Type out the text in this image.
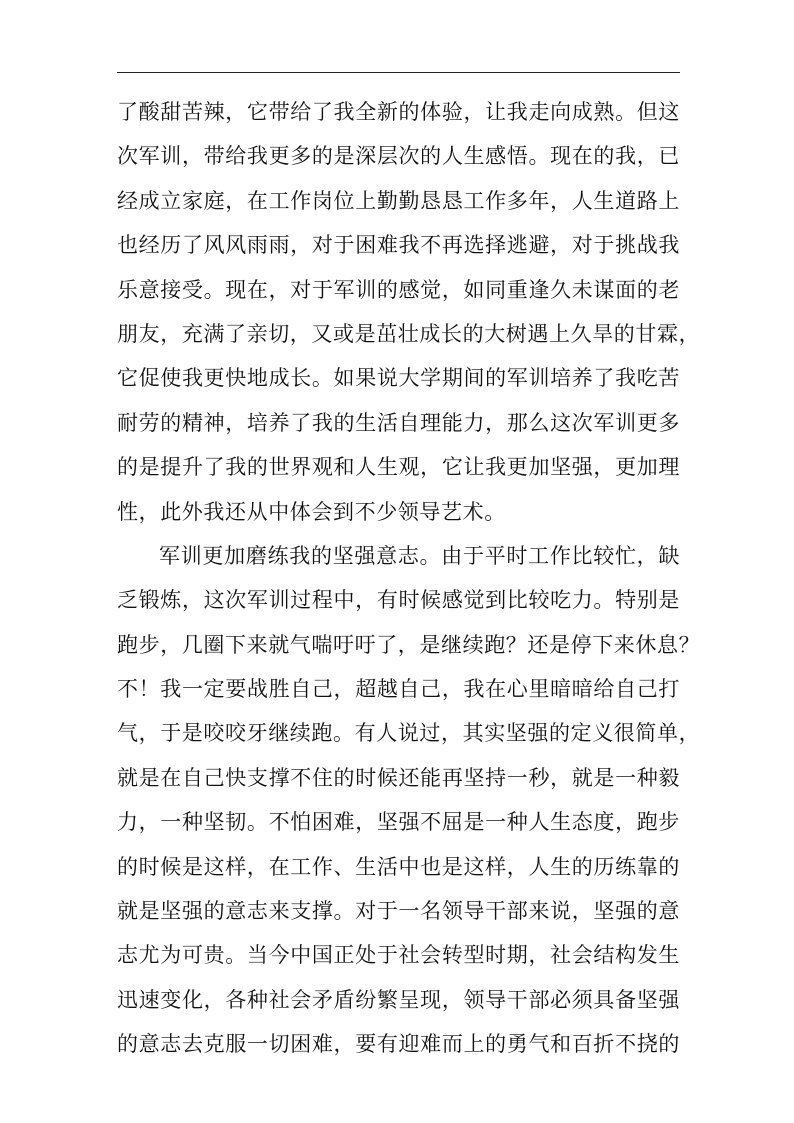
了酸甜苦辣，它带给了我全新的体验，让我走向成熟。但这
次军训，带给我更多的是深层次的人生感悟。现在的我，已
经成立家庭，在工作岗位上勤勤恳恳工作多年，人生道路上
也经历了风风雨雨，对于困难我不再选择逃避，对于挑战我
乐意接受。现在，对于军训的感觉，如同重逢久未谋面的老
朋友，充满了亲切，又或是茁壮成长的大树遇上久旱的甘霖，
它促使我更快地成长。如果说大学期间的军训培养了我吃苦
耐劳的精神，培养了我的生活自理能力，那么这次军训更多
的是提升了我的世界观和人生观，它让我更加坚强，更加理
性，此外我还从中体会到不少领导艺术。
军训更加磨练我的坚强意志。由于平时工作比较忙，缺
乏锻炼，这次军训过程中，有时候感觉到比较吃力。特别是
跑步，几圈下来就气喘吁吁了，是继续跑？还是停下来休息？
不！我一定要战胜自己，超越自己，我在心里暗暗给自己打
气，于是咬咬牙继续跑。有人说过，其实坚强的定义很简单，
就是在自己快支撑不住的时候还能再坚持一秒，就是一种毅
力，一种坚韧。不怕困难，坚强不屈是一种人生态度，跑步
的时候是这样，在工作、生活中也是这样，人生的历练靠的
就是坚强的意志来支撑。对于一名领导干部来说，坚强的意
志尤为可贵。当今中国正处于社会转型时期，社会结构发生
迅速变化，各种社会矛盾纷繁呈现，领导干部必须具备坚强
的意志去克服一切困难，要有迎难而上的勇气和百折不挠的
